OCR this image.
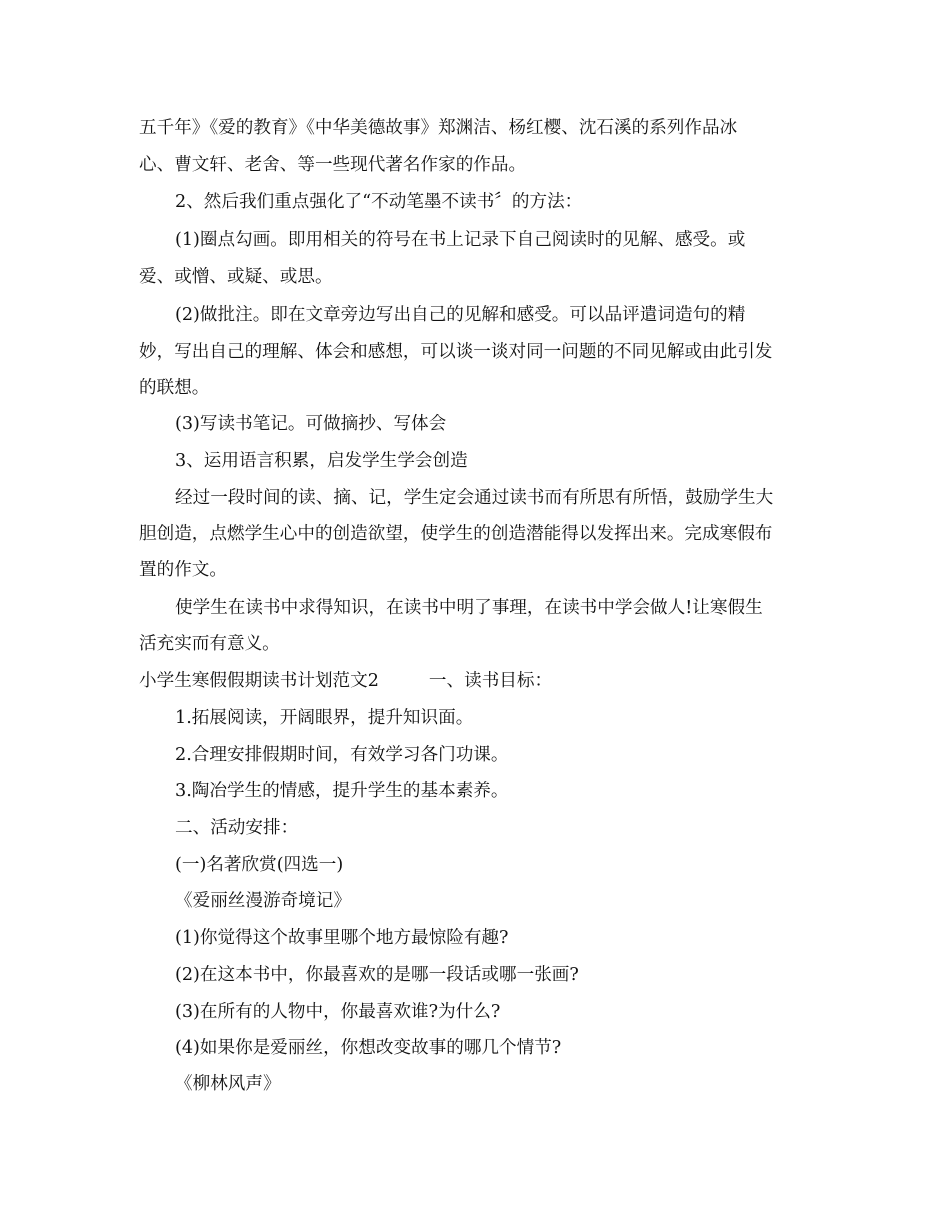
五千年》《爱的教育》《中华美德故事》郑渊洁、杨红樱、沈石溪的系列作品冰
心、曹文轩、老舍、等一些现代著名作家的作品。
2、然后我们重点强化了“不动笔墨不读书〞的方法：
(1)圈点勾画。即用相关的符号在书上记录下自己阅读时的见解、感受。或
爱、或憎、或疑、或思。
(2)做批注。即在文章旁边写出自己的见解和感受。可以品评遣词造句的精
妙，写出自己的理解、体会和感想，可以谈一谈对同一问题的不同见解或由此引发
的联想。
(3)写读书笔记。可做摘抄、写体会
3、运用语言积累，启发学生学会创造
经过一段时间的读、摘、记，学生定会通过读书而有所思有所悟，鼓励学生大
胆创造，点燃学生心中的创造欲望，使学生的创造潜能得以发挥出来。完成寒假布
置的作文。
使学生在读书中求得知识，在读书中明了事理，在读书中学会做人!让寒假生
活充实而有意义。
小学生寒假假期读书计划范文2	一、读书目标：
1.拓展阅读，开阔眼界，提升知识面。
2.合理安排假期时间，有效学习各门功课。
3.陶冶学生的情感，提升学生的基本素养。
二、活动安排：
(一)名著欣赏(四选一)
《爱丽丝漫游奇境记》
(1)你觉得这个故事里哪个地方最惊险有趣?
(2)在这本书中，你最喜欢的是哪一段话或哪一张画?
(3)在所有的人物中，你最喜欢谁?为什么?
(4)如果你是爱丽丝，你想改变故事的哪几个情节?
《柳林风声》
